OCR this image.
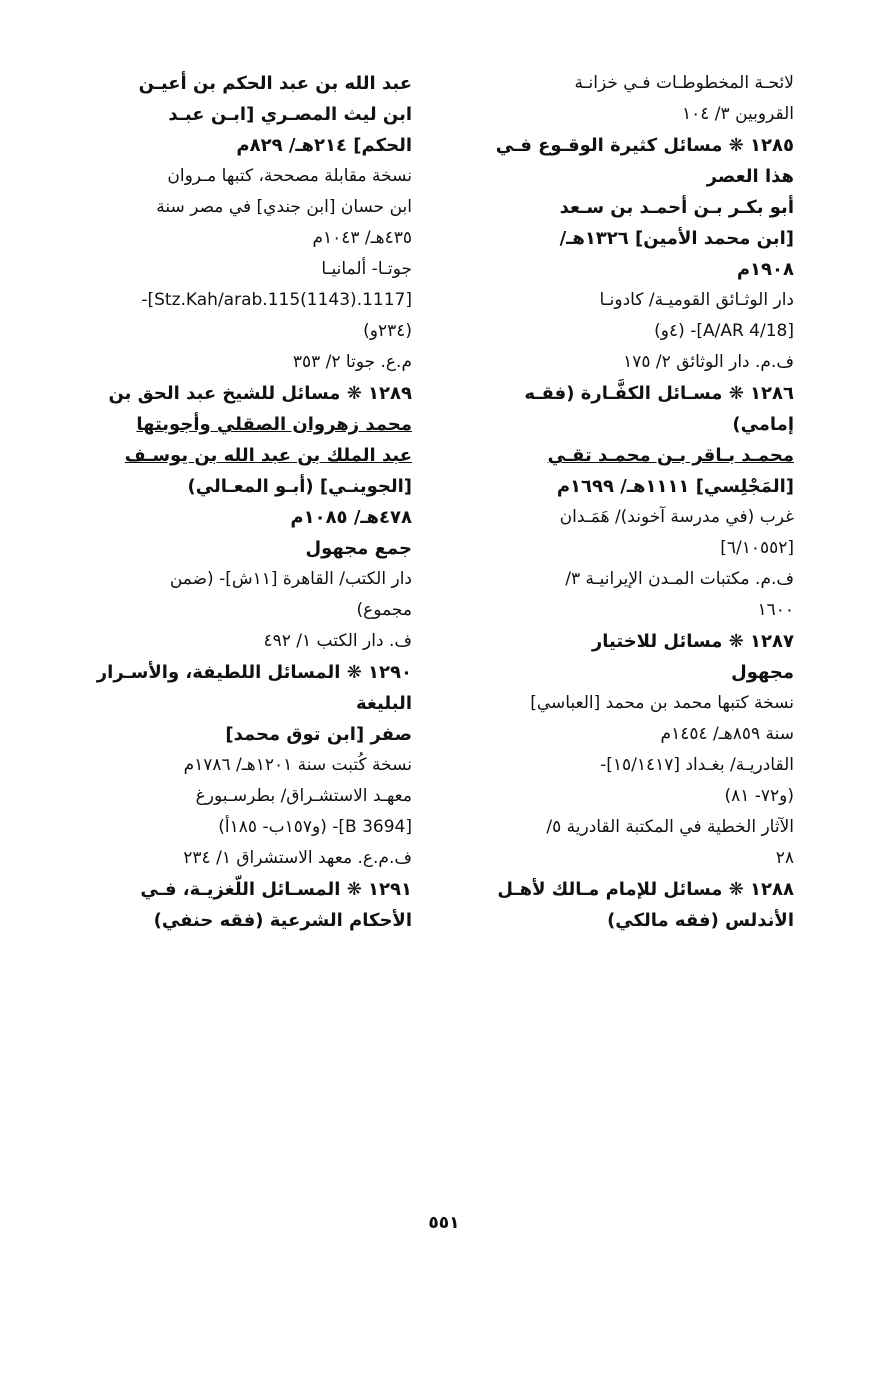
لائحـة المخطوطـات فـي خزانـة
القروبين ٣/ ١٠٤
١٢٨٥ ❋ مسائل كثيرة الوقـوع فـي
هذا العصر
أبو بكـر بـن أحمـد بن سـعد
[ابن محمد الأمين] ١٣٢٦هـ/
١٩٠٨م
دار الوثـائق القوميـة/ كادونـا
[A/AR 4/18]- (٤و)
ف.م. دار الوثائق ٢/ ١٧٥
١٢٨٦ ❋ مسـائل الكفَّـارة (فقـه
إمامي)
محمـد بـاقر بـن محمـد تقـي
[المَجْلِسي] ١١١١هـ/ ١٦٩٩م
غرب (في مدرسة آخوند)/ هَمَـدان
[٦/١٠٥٥٢]
ف.م. مكتبات المـدن الإيرانيـة ٣/
١٦٠٠
١٢٨٧ ❋ مسائل للاختيار
مجهول
نسخة كتبها محمد بن محمد [العباسي]
سنة ٨٥٩هـ/ ١٤٥٤م
القادريـة/ بغـداد [١٥/١٤١٧]-
(و٧٢- ٨١)
الآثار الخطية في المكتبة القادرية ٥/
٢٨
١٢٨٨ ❋ مسائل للإمام مـالك لأهـل
الأندلس (فقه مالكي)
عبد الله بن عبد الحكم بن أعيـن
ابن ليث المصـري [ابـن عبـد
الحكم] ٢١٤هـ/ ٨٢٩م
نسخة مقابلة مصححة، كتبها مـروان
ابن حسان [ابن جندي] في مصر سنة
٤٣٥هـ/ ١٠٤٣م
جوتـا- ألمانيـا
[1117.Stz.Kah/arab.115(1143)]-
(٢٣٤و)
م.ع. جوتا ٢/ ٣٥٣
١٢٨٩ ❋ مسائل للشيخ عبد الحق بن
محمد زهروان الصقلي وأجوبتها
عبد الملك بن عبد الله بن يوسـف
[الجوينـي] (أبـو المعـالي)
٤٧٨هـ/ ١٠٨٥م
جمع مجهول
دار الكتب/ القاهرة [١١ش]- (ضمن
مجموع)
ف. دار الكتب ١/ ٤٩٢
١٢٩٠ ❋ المسائل اللطيفة، والأسـرار
البليغة
صفر [ابن توق محمد]
نسخة كُتبت سنة ١٢٠١هـ/ ١٧٨٦م
معهـد الاستشـراق/ بطرسـبورغ
[B 3694]- (و١٥٧ب- ١٨٥أ)
ف.م.ع. معهد الاستشراق ١/ ٢٣٤
١٢٩١ ❋ المسـائل اللّغزيـة، فـي
الأحكام الشرعية (فقه حنفي)
٥٥١
